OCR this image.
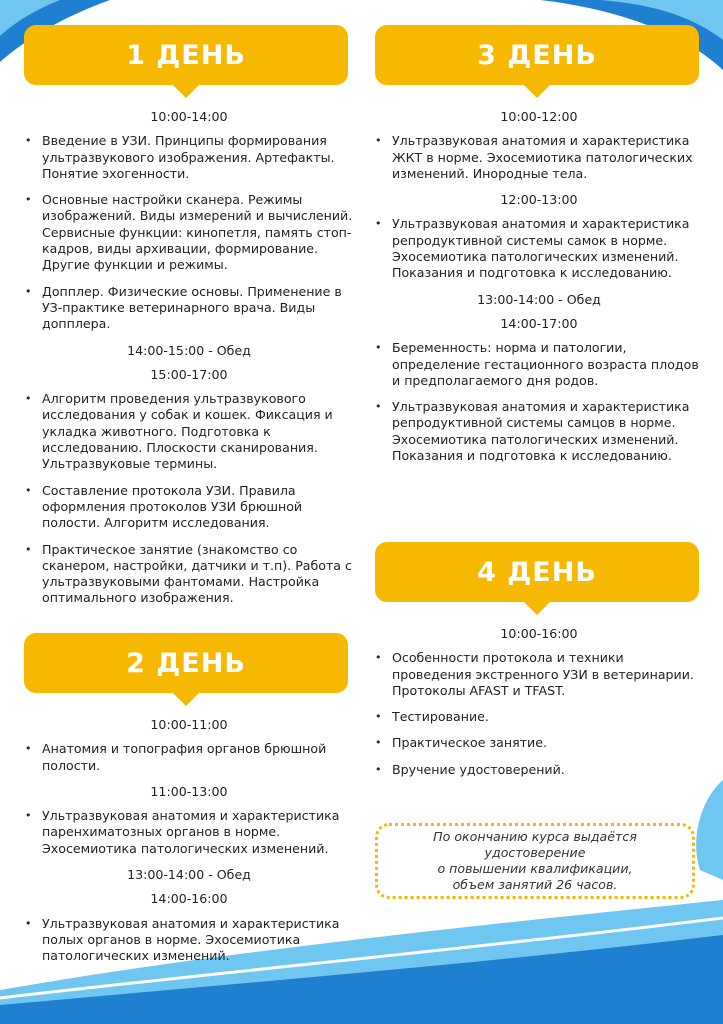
1 ДЕНЬ
10:00-14:00
• Введение в УЗИ. Принципы формирования ультразвукового изображения. Артефакты. Понятие эхогенности.
• Основные настройки сканера. Режимы изображений. Виды измерений и вычислений. Сервисные функции: кинопетля, память стоп-кадров, виды архивации, формирование. Другие функции и режимы.
• Допплер. Физические основы. Применение в УЗ-практике ветеринарного врача. Виды допплера.
14:00-15:00 - Обед
15:00-17:00
• Алгоритм проведения ультразвукового исследования у собак и кошек. Фиксация и укладка животного. Подготовка к исследованию. Плоскости сканирования. Ультразвуковые термины.
• Составление протокола УЗИ. Правила оформления протоколов УЗИ брюшной полости. Алгоритм исследования.
• Практическое занятие (знакомство со сканером, настройки, датчики и т.п). Работа с ультразвуковыми фантомами. Настройка оптимального изображения.
2 ДЕНЬ
10:00-11:00
• Анатомия и топография органов брюшной полости.
11:00-13:00
• Ультразвуковая анатомия и характеристика паренхиматозных органов в норме. Эхосемиотика патологических изменений.
13:00-14:00 - Обед
14:00-16:00
• Ультразвуковая анатомия и характеристика полых органов в норме. Эхосемиотика патологических изменений.
3 ДЕНЬ
10:00-12:00
• Ультразвуковая анатомия и характеристика ЖКТ в норме. Эхосемиотика патологических изменений. Инородные тела.
12:00-13:00
• Ультразвуковая анатомия и характеристика репродуктивной системы самок в норме. Эхосемиотика патологических изменений. Показания и подготовка к исследованию.
13:00-14:00 - Обед
14:00-17:00
• Беременность: норма и патологии, определение гестационного возраста плодов и предполагаемого дня родов.
• Ультразвуковая анатомия и характеристика репродуктивной системы самцов в норме. Эхосемиотика патологических изменений. Показания и подготовка к исследованию.
4 ДЕНЬ
10:00-16:00
• Особенности протокола и техники проведения экстренного УЗИ в ветеринарии. Протоколы AFAST и TFAST.
• Тестирование.
• Практическое занятие.
• Вручение удостоверений.
По окончанию курса выдаётся
удостоверение
о повышении квалификации,
объем занятий 26 часов.
